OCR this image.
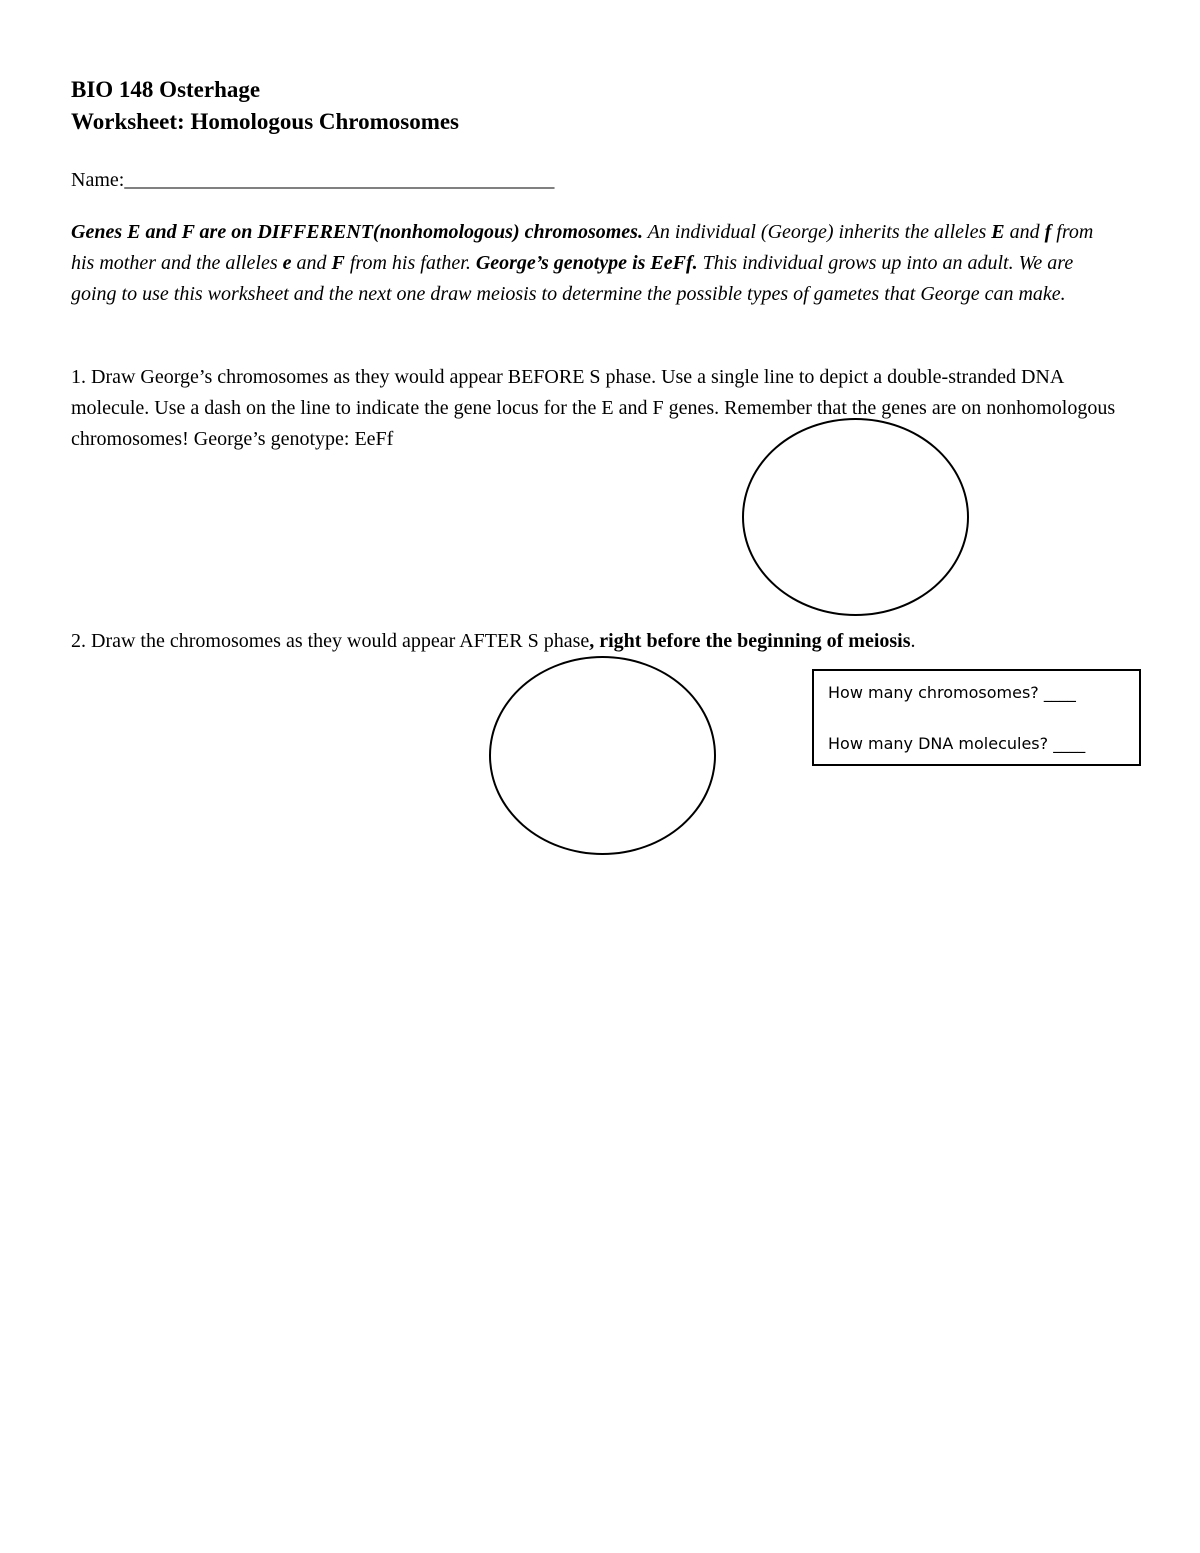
BIO 148 Osterhage
Worksheet: Homologous Chromosomes
Name:___________________________________________
Genes E and F are on DIFFERENT(nonhomologous) chromosomes. An individual (George) inherits the alleles E and f from his mother and the alleles e and F from his father. George’s genotype is EeFf. This individual grows up into an adult. We are going to use this worksheet and the next one draw meiosis to determine the possible types of gametes that George can make.
1. Draw George’s chromosomes as they would appear BEFORE S phase. Use a single line to depict a double-stranded DNA molecule. Use a dash on the line to indicate the gene locus for the E and F genes. Remember that the genes are on nonhomologous chromosomes! George’s genotype: EeFf
2. Draw the chromosomes as they would appear AFTER S phase, right before the beginning of meiosis.
How many chromosomes? ____
How many DNA molecules? ____
